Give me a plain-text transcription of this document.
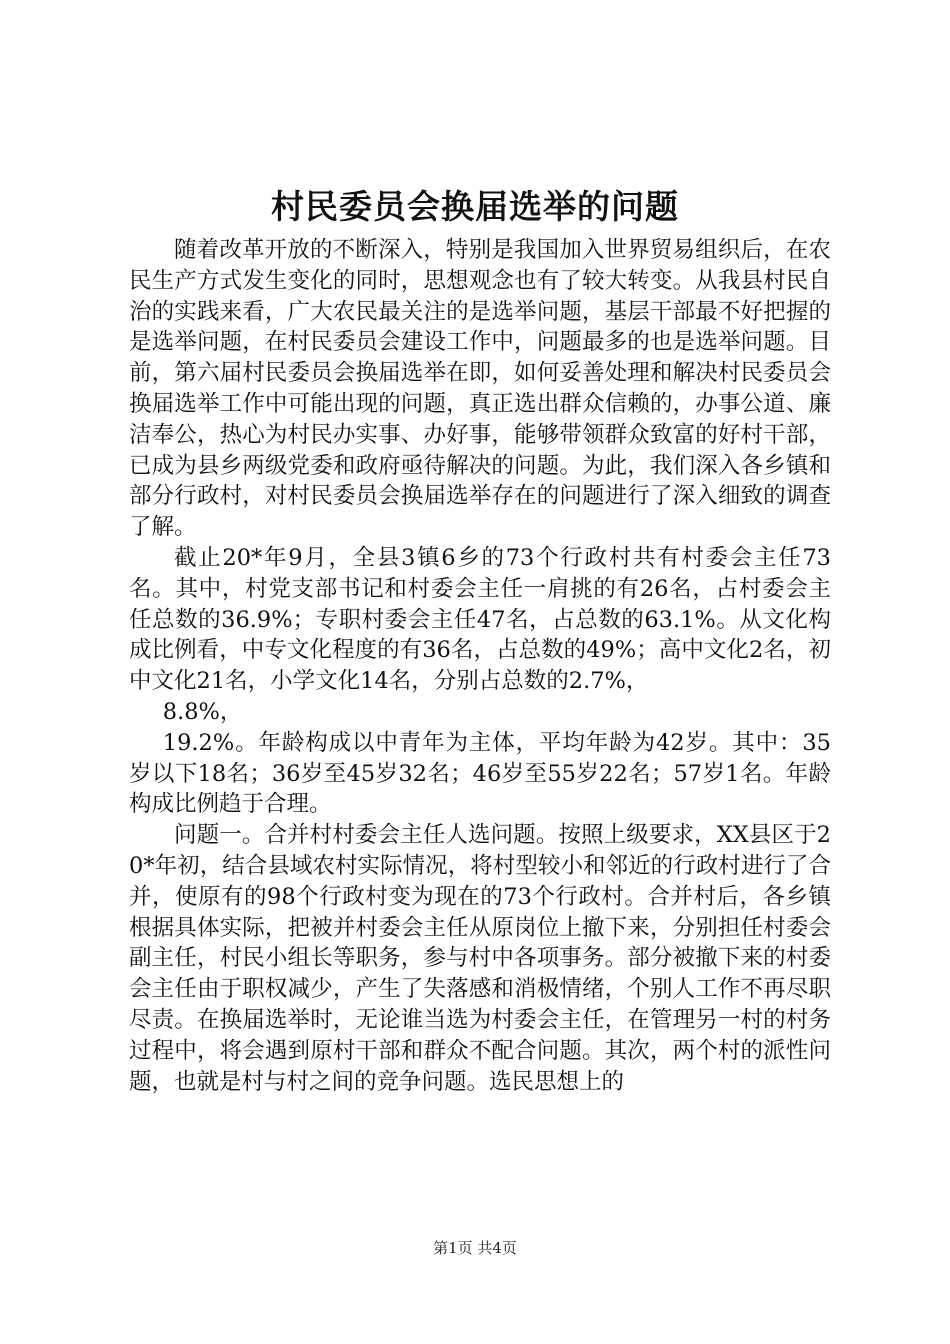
村民委员会换届选举的问题

随着改革开放的不断深入，特别是我国加入世界贸易组织后，在农民生产方式发生变化的同时，思想观念也有了较大转变。从我县村民自治的实践来看，广大农民最关注的是选举问题，基层干部最不好把握的是选举问题，在村民委员会建设工作中，问题最多的也是选举问题。目前，第六届村民委员会换届选举在即，如何妥善处理和解决村民委员会换届选举工作中可能出现的问题，真正选出群众信赖的，办事公道、廉洁奉公，热心为村民办实事、办好事，能够带领群众致富的好村干部，已成为县乡两级党委和政府亟待解决的问题。为此，我们深入各乡镇和部分行政村，对村民委员会换届选举存在的问题进行了深入细致的调查了解。

截止20*年9月，全县3镇6乡的73个行政村共有村委会主任73名。其中，村党支部书记和村委会主任一肩挑的有26名，占村委会主任总数的36.9%；专职村委会主任47名，占总数的63.1%。从文化构成比例看，中专文化程度的有36名，占总数的49%；高中文化2名，初中文化21名，小学文化14名，分别占总数的2.7%，

8.8%，

19.2%。年龄构成以中青年为主体，平均年龄为42岁。其中：35岁以下18名；36岁至45岁32名；46岁至55岁22名；57岁1名。年龄构成比例趋于合理。

问题一。合并村村委会主任人选问题。按照上级要求，XX县区于20*年初，结合县域农村实际情况，将村型较小和邻近的行政村进行了合并，使原有的98个行政村变为现在的73个行政村。合并村后，各乡镇根据具体实际，把被并村委会主任从原岗位上撤下来，分别担任村委会副主任，村民小组长等职务，参与村中各项事务。部分被撤下来的村委会主任由于职权减少，产生了失落感和消极情绪，个别人工作不再尽职尽责。在换届选举时，无论谁当选为村委会主任，在管理另一村的村务过程中，将会遇到原村干部和群众不配合问题。其次，两个村的派性问题，也就是村与村之间的竞争问题。选民思想上的

第1页 共4页
